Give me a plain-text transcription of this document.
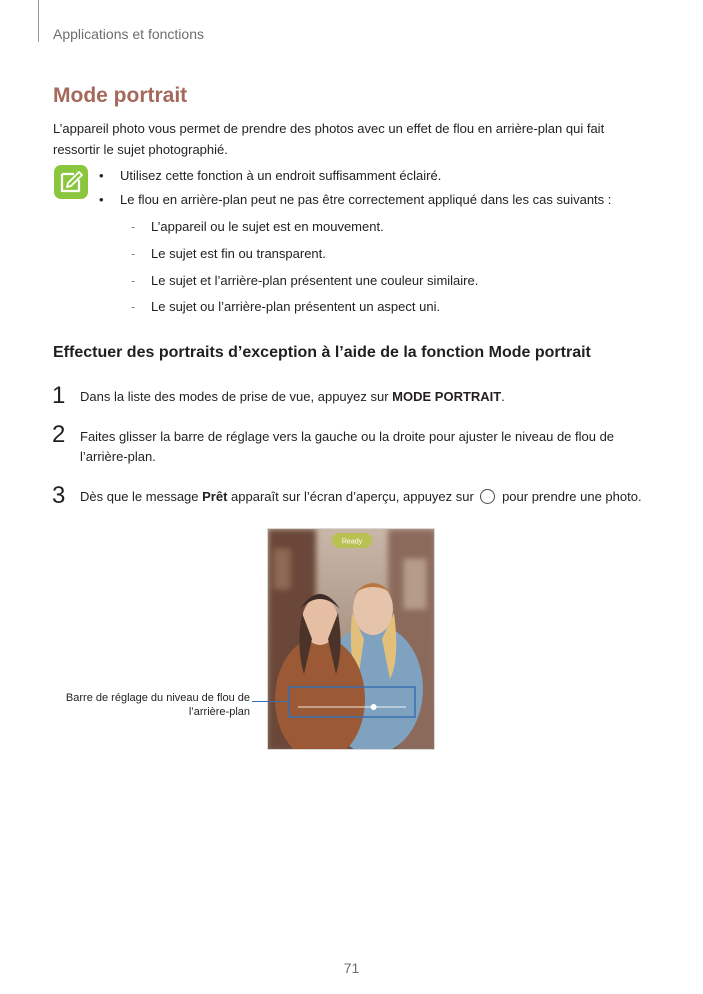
Applications et fonctions
Mode portrait

L’appareil photo vous permet de prendre des photos avec un effet de flou en arrière-plan qui fait ressortir le sujet photographié.

• Utilisez cette fonction à un endroit suffisamment éclairé.
• Le flou en arrière-plan peut ne pas être correctement appliqué dans les cas suivants :
- L’appareil ou le sujet est en mouvement.
- Le sujet est fin ou transparent.
- Le sujet et l’arrière-plan présentent une couleur similaire.
- Le sujet ou l’arrière-plan présentent un aspect uni.
Effectuer des portraits d’exception à l’aide de la fonction Mode portrait
1 Dans la liste des modes de prise de vue, appuyez sur MODE PORTRAIT.
2 Faites glisser la barre de réglage vers la gauche ou la droite pour ajuster le niveau de flou de l’arrière-plan.
3 Dès que le message Prêt apparaît sur l’écran d’aperçu, appuyez sur  pour prendre une photo.
Ready
Barre de réglage du niveau de flou de l’arrière-plan
71
